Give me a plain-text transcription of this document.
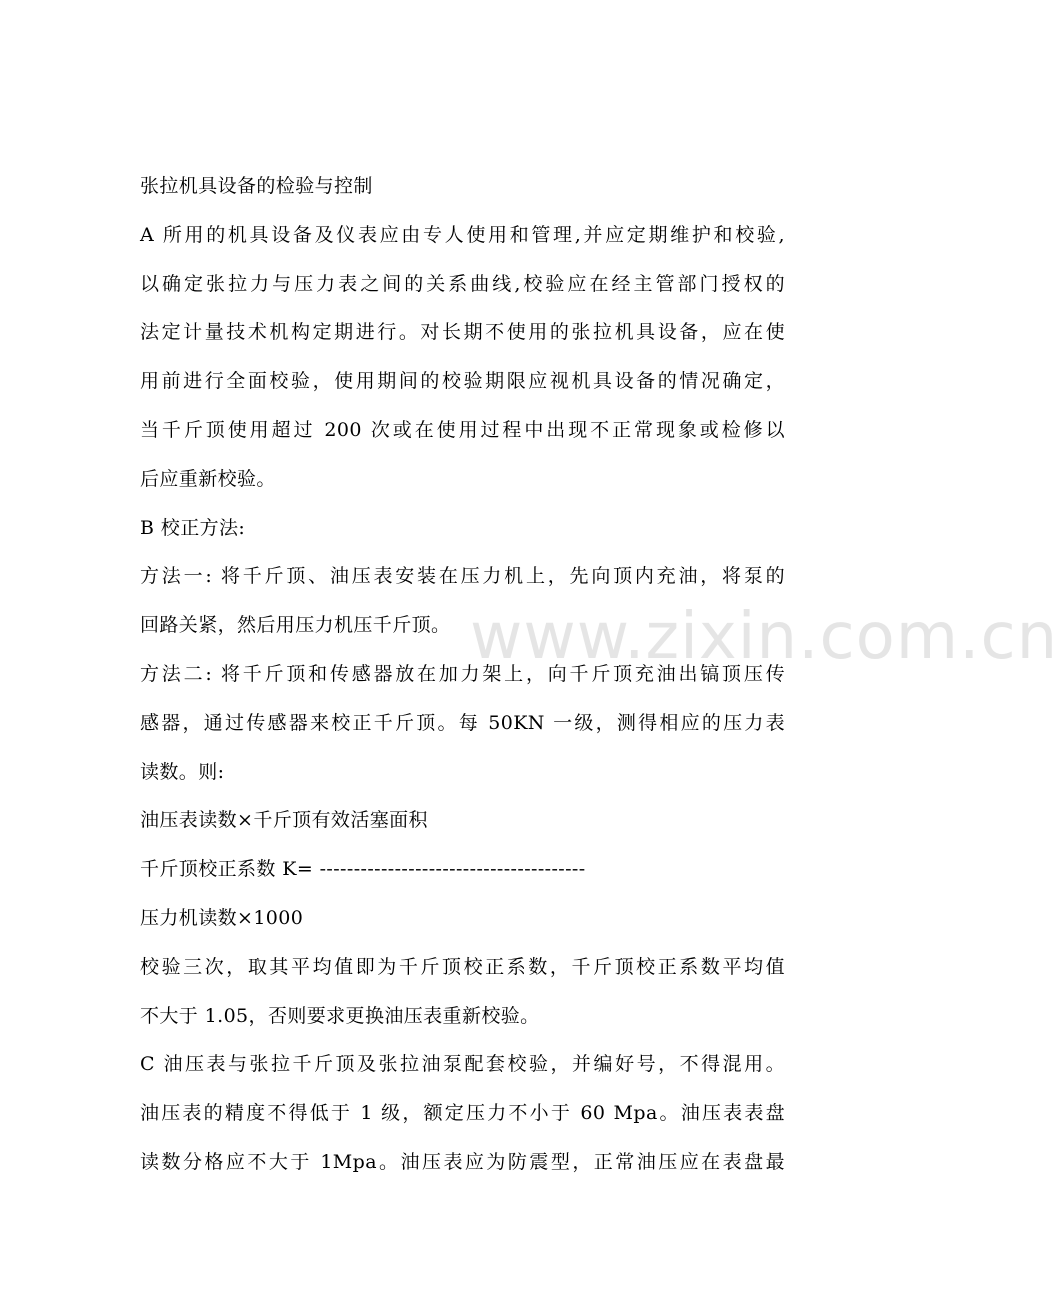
张拉机具设备的检验与控制
A 所用的机具设备及仪表应由专人使用和管理,并应定期维护和校验,
以确定张拉力与压力表之间的关系曲线,校验应在经主管部门授权的
法定计量技术机构定期进行。对长期不使用的张拉机具设备，应在使
用前进行全面校验，使用期间的校验期限应视机具设备的情况确定，
当千斤顶使用超过 200 次或在使用过程中出现不正常现象或检修以
后应重新校验。
B 校正方法:
方法一: 将千斤顶、油压表安装在压力机上，先向顶内充油，将泵的
回路关紧，然后用压力机压千斤顶。
方法二: 将千斤顶和传感器放在加力架上，向千斤顶充油出镐顶压传
感器，通过传感器来校正千斤顶。每 50KN 一级，测得相应的压力表
读数。则:
油压表读数×千斤顶有效活塞面积
千斤顶校正系数 K= ---------------------------------------
压力机读数×1000
校验三次，取其平均值即为千斤顶校正系数，千斤顶校正系数平均值
不大于 1.05，否则要求更换油压表重新校验。
C 油压表与张拉千斤顶及张拉油泵配套校验，并编好号，不得混用。
油压表的精度不得低于 1 级，额定压力不小于 60 Mpa。油压表表盘
读数分格应不大于 1Mpa。油压表应为防震型，正常油压应在表盘最
www.zixin.com.cn
